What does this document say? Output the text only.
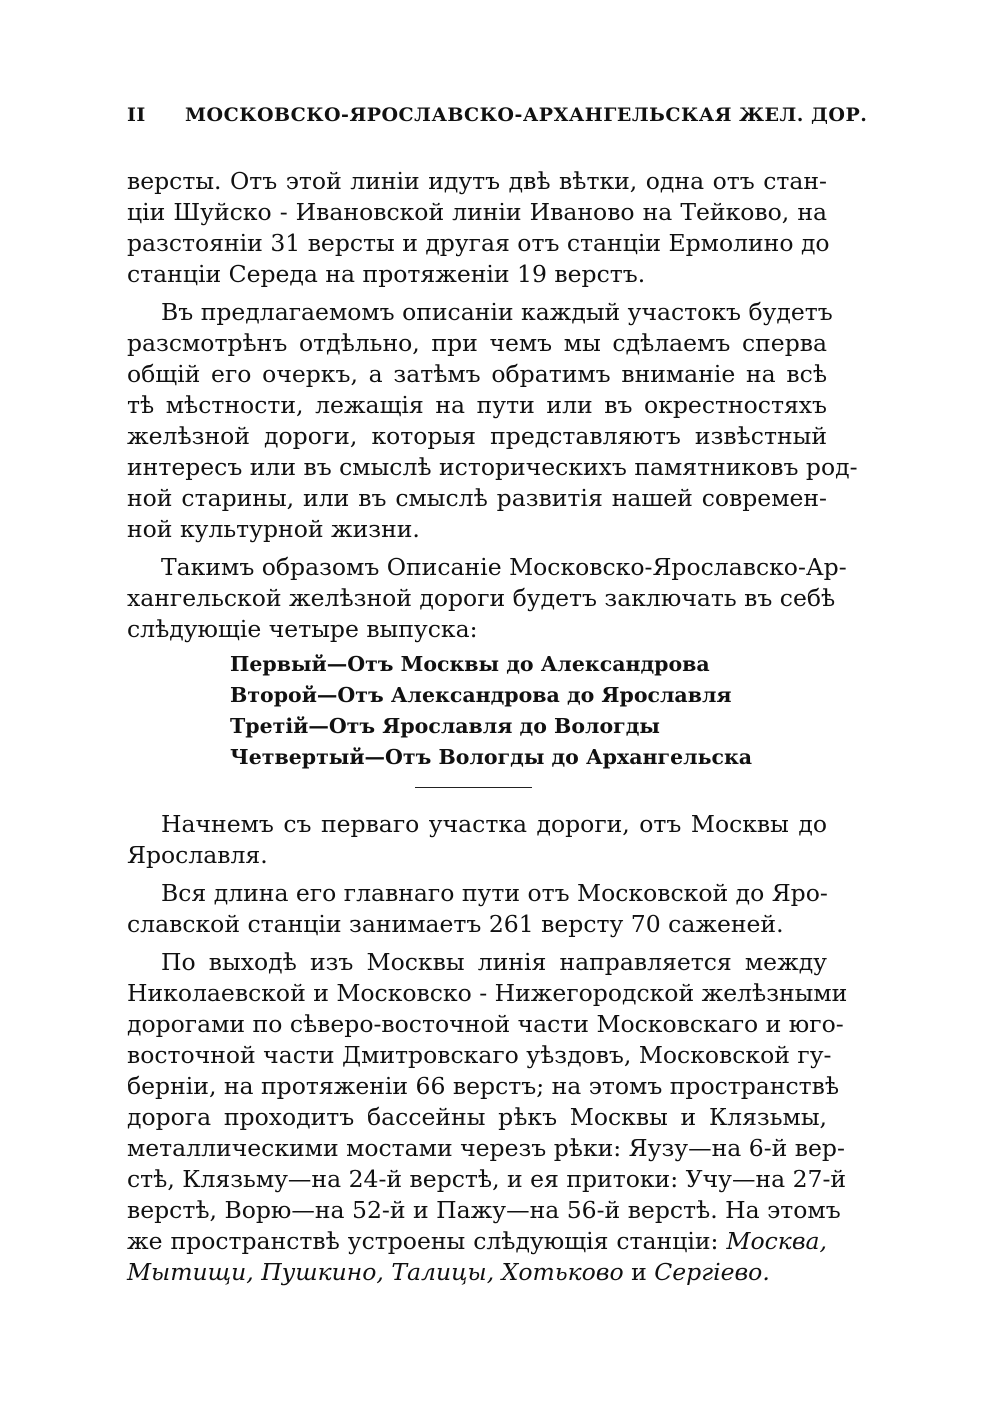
II МОСКОВСКО-ЯРОСЛАВСКО-АРХАНГЕЛЬСКАЯ ЖЕЛ. ДОР.
версты. Отъ этой линіи идутъ двѣ вѣтки, одна отъ стан-
ціи Шуйско - Ивановской линіи Иваново на Тейково, на
разстояніи 31 версты и другая отъ станціи Ермолино до
станціи Середа на протяженіи 19 верстъ.
Въ предлагаемомъ описаніи каждый участокъ будетъ
разсмотрѣнъ отдѣльно, при чемъ мы сдѣлаемъ сперва
общій его очеркъ, а затѣмъ обратимъ вниманіе на всѣ
тѣ мѣстности, лежащія на пути или въ окрестностяхъ
желѣзной дороги, которыя представляютъ извѣстный
интересъ или въ смыслѣ историческихъ памятниковъ род-
ной старины, или въ смыслѣ развитія нашей современ-
ной культурной жизни.
Такимъ образомъ Описаніе Московско-Ярославско-Ар-
хангельской желѣзной дороги будетъ заключать въ себѣ
слѣдующіе четыре выпуска:
Первый—Отъ Москвы до Александрова
Второй—Отъ Александрова до Ярославля
Третій—Отъ Ярославля до Вологды
Четвертый—Отъ Вологды до Архангельска
Начнемъ съ перваго участка дороги, отъ Москвы до
Ярославля.
Вся длина его главнаго пути отъ Московской до Яро-
славской станціи занимаетъ 261 версту 70 саженей.
По выходѣ изъ Москвы линія направляется между
Николаевской и Московско - Нижегородской желѣзными
дорогами по сѣверо-восточной части Московскаго и юго-
восточной части Дмитровскаго уѣздовъ, Московской гу-
берніи, на протяженіи 66 верстъ; на этомъ пространствѣ
дорога проходитъ бассейны рѣкъ Москвы и Клязьмы,
металлическими мостами черезъ рѣки: Яузу—на 6-й вер-
стѣ, Клязьму—на 24-й верстѣ, и ея притоки: Учу—на 27-й
верстѣ, Ворю—на 52-й и Пажу—на 56-й верстѣ. На этомъ
же пространствѣ устроены слѣдующія станціи: Москва,
Мытищи, Пушкино, Талицы, Хотьково и Сергіево.
